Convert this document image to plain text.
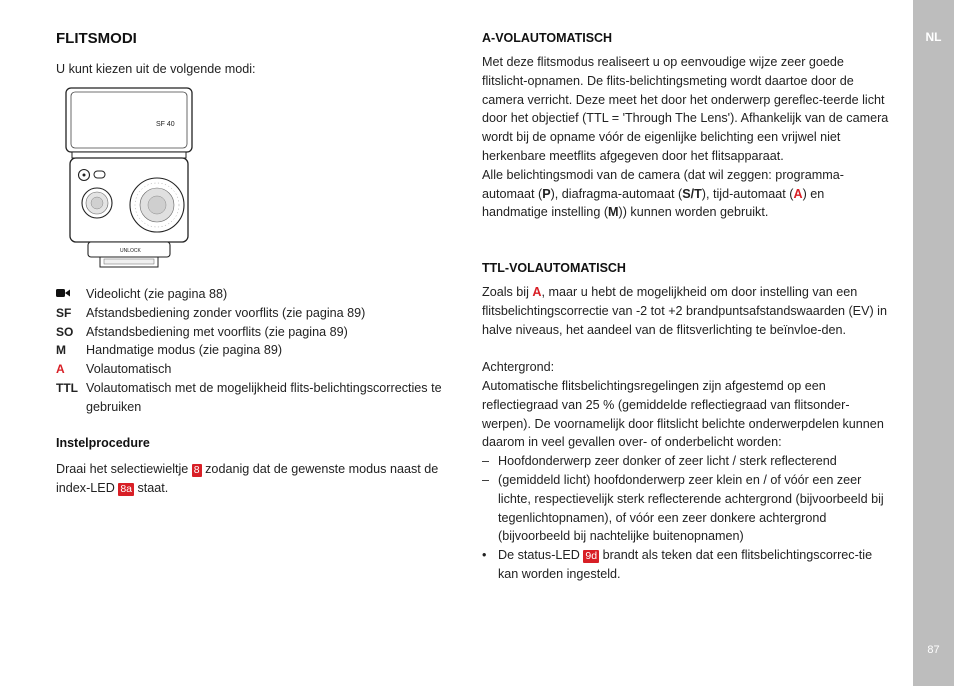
NL
87
FLITSMODI

U kunt kiezen uit de volgende modi:

SF 40
UNLOCK
Videolicht (zie pagina 88)
SF	Afstandsbediening zonder voorflits (zie pagina 89)
SO	Afstandsbediening met voorflits (zie pagina 89)
M	Handmatige modus (zie pagina 89)
A	Volautomatisch
TTL Volautomatisch met de mogelijkheid flits-belichtingscorrecties te gebruiken
Instelprocedure

Draai het selectiewieltje 8 zodanig dat de gewenste modus naast de index-LED 8a staat.

A-VOLAUTOMATISCH

Met deze flitsmodus realiseert u op eenvoudige wijze zeer goede flitslicht-opnamen. De flits-belichtingsmeting wordt daartoe door de camera verricht. Deze meet het door het onderwerp gereflec-teerde licht door het objectief (TTL = 'Through The Lens'). Afhankelijk van de camera wordt bij de opname vóór de eigenlijke belichting een vrijwel niet herkenbare meetflits afgegeven door het flitsapparaat.

Alle belichtingsmodi van de camera (dat wil zeggen: programma-automaat (P), diafragma-automaat (S/T), tijd-automaat (A) en handmatige instelling (M)) kunnen worden gebruikt.

TTL-VOLAUTOMATISCH

Zoals bij A, maar u hebt de mogelijkheid om door instelling van een flitsbelichtingscorrectie van -2 tot +2 brandpuntsafstandswaarden (EV) in halve niveaus, het aandeel van de flitsverlichting te beïnvloe-den.

Achtergrond:

Automatische flitsbelichtingsregelingen zijn afgestemd op een reflectiegraad van 25 % (gemiddelde reflectiegraad van flitsonder-werpen). De voornamelijk door flitslicht belichte onderwerpdelen kunnen daarom in veel gevallen over- of onderbelicht worden:

– Hoofdonderwerp zeer donker of zeer licht / sterk reflecterend
– (gemiddeld licht) hoofdonderwerp zeer klein en / of vóór een zeer lichte, respectievelijk sterk reflecterende achtergrond (bijvoorbeeld bij tegenlichtopnamen), of vóór een zeer donkere achtergrond (bijvoorbeeld bij nachtelijke buitenopnamen)
• De status-LED 9d brandt als teken dat een flitsbelichtingscorrec-tie kan worden ingesteld.
